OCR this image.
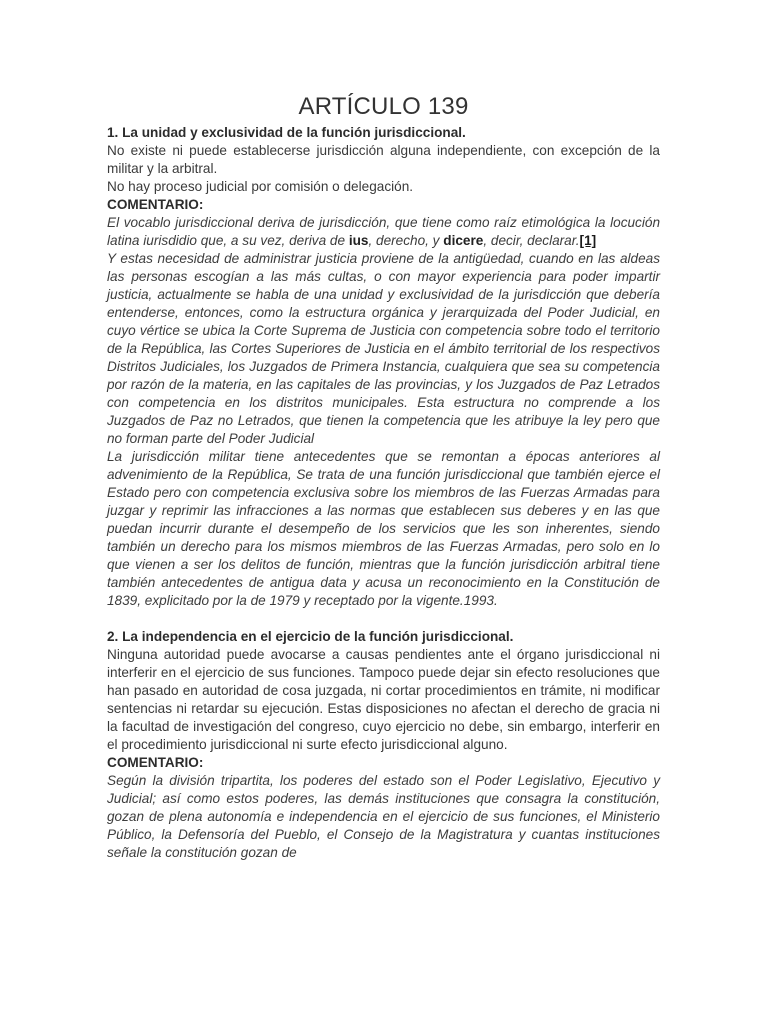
ARTÍCULO 139

1. La unidad y exclusividad de la función jurisdiccional.

No existe ni puede establecerse jurisdicción alguna independiente, con excepción de la militar y la arbitral.

No hay proceso judicial por comisión o delegación.

COMENTARIO:

El vocablo jurisdiccional deriva de jurisdicción, que tiene como raíz etimológica la locución latina iurisdidio que, a su vez, deriva de ius, derecho, y dicere, decir, declarar.[1]

Y estas necesidad de administrar justicia proviene de la antigüedad, cuando en las aldeas las personas escogían a las más cultas, o con mayor experiencia para poder impartir justicia, actualmente se habla de una unidad y exclusividad de la jurisdicción que debería entenderse, entonces, como la estructura orgánica y jerarquizada del Poder Judicial, en cuyo vértice se ubica la Corte Suprema de Justicia con competencia sobre todo el territorio de la República, las Cortes Superiores de Justicia en el ámbito territorial de los respectivos Distritos Judiciales, los Juzgados de Primera Instancia, cualquiera que sea su competencia por razón de la materia, en las capitales de las provincias, y los Juzgados de Paz Letrados con competencia en los distritos municipales. Esta estructura no comprende a los Juzgados de Paz no Letrados, que tienen la competencia que les atribuye la ley pero que no forman parte del Poder Judicial

La jurisdicción militar tiene antecedentes que se remontan a épocas anteriores al advenimiento de la República, Se trata de una función jurisdiccional que también ejerce el Estado pero con competencia exclusiva sobre los miembros de las Fuerzas Armadas para juzgar y reprimir las infracciones a las normas que establecen sus deberes y en las que puedan incurrir durante el desempeño de los servicios que les son inherentes, siendo también un derecho para los mismos miembros de las Fuerzas Armadas, pero solo en lo que vienen a ser los delitos de función, mientras que la función jurisdicción arbitral tiene también antecedentes de antigua data y acusa un reconocimiento en la Constitución de 1839, explicitado por la de 1979 y receptado por la vigente.1993.

2. La independencia en el ejercicio de la función jurisdiccional.

Ninguna autoridad puede avocarse a causas pendientes ante el órgano jurisdiccional ni interferir en el ejercicio de sus funciones. Tampoco puede dejar sin efecto resoluciones que han pasado en autoridad de cosa juzgada, ni cortar procedimientos en trámite, ni modificar sentencias ni retardar su ejecución. Estas disposiciones no afectan el derecho de gracia ni la facultad de investigación del congreso, cuyo ejercicio no debe, sin embargo, interferir en el procedimiento jurisdiccional ni surte efecto jurisdiccional alguno.

COMENTARIO:

Según la división tripartita, los poderes del estado son el Poder Legislativo, Ejecutivo y Judicial; así como estos poderes, las demás instituciones que consagra la constitución, gozan de plena autonomía e independencia en el ejercicio de sus funciones, el Ministerio Público, la Defensoría del Pueblo, el Consejo de la Magistratura y cuantas instituciones señale la constitución gozan de
